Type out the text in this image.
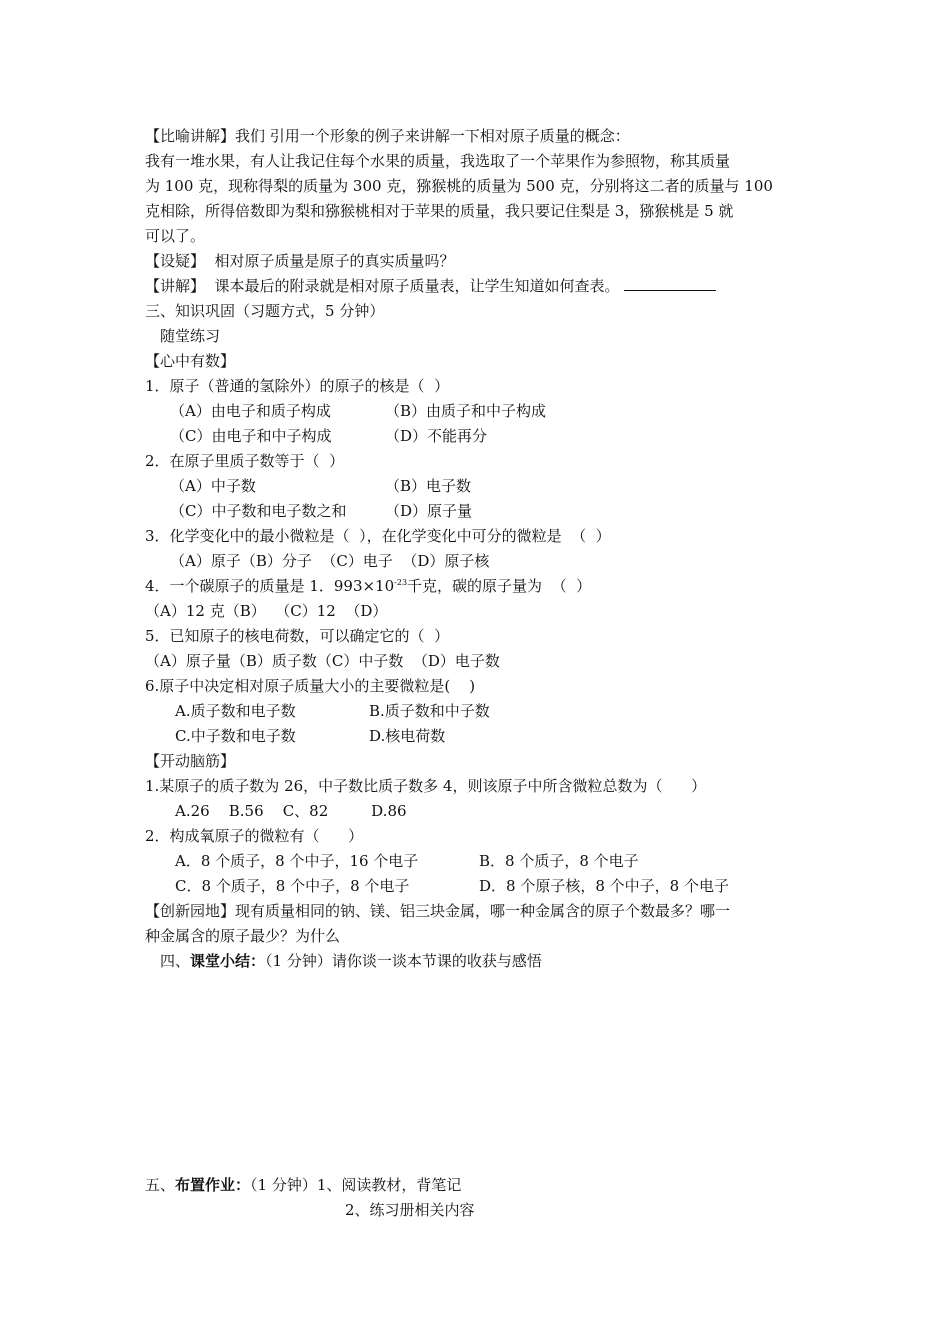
【比喻讲解】我们 引用一个形象的例子来讲解一下相对原子质量的概念：
我有一堆水果，有人让我记住每个水果的质量，我选取了一个苹果作为参照物，称其质量
为 100 克，现称得梨的质量为 300 克，猕猴桃的质量为 500 克，分别将这二者的质量与 100
克相除，所得倍数即为梨和猕猴桃相对于苹果的质量，我只要记住梨是 3，猕猴桃是 5 就
可以了。
【设疑】  相对原子质量是原子的真实质量吗？
【讲解】  课本最后的附录就是相对原子质量表，让学生知道如何查表。
三、知识巩固（习题方式，5 分钟）
随堂练习
【心中有数】
1．原子（普通的氢除外）的原子的核是（  ）
（A）由电子和质子构成	（B）由质子和中子构成
（C）由电子和中子构成	（D）不能再分
2．在原子里质子数等于（  ）
（A）中子数	（B）电子数
（C）中子数和电子数之和	（D）原子量
3．化学变化中的最小微粒是（  ），在化学变化中可分的微粒是  （  ）
（A）原子（B）分子  （C）电子  （D）原子核
4．一个碳原子的质量是 1．$993\times 10^{-23}$千克，碳的原子量为  （  ）
（A）12 克（B）  （C）12  （D）
5．已知原子的核电荷数，可以确定它的（  ）
（A）原子量（B）质子数（C）中子数  （D）电子数
6.原子中决定相对原子质量大小的主要微粒是(    )
A.质子数和电子数	B.质子数和中子数
C.中子数和电子数	D.核电荷数
【开动脑筋】
1.某原子的质子数为 26，中子数比质子数多 4，则该原子中所含微粒总数为（      ）
A.26    B.56    C、82         D.86
2．构成氧原子的微粒有（      ）
A．8 个质子，8 个中子，16 个电子	B．8 个质子，8 个电子
C．8 个质子，8 个中子，8 个电子	D．8 个原子核，8 个中子，8 个电子
【创新园地】现有质量相同的钠、镁、铝三块金属，哪一种金属含的原子个数最多？哪一
种金属含的原子最少？为什么
四、课堂小结：（1 分钟）请你谈一谈本节课的收获与感悟
五、布置作业：（1 分钟）1、阅读教材，背笔记
2、练习册相关内容
